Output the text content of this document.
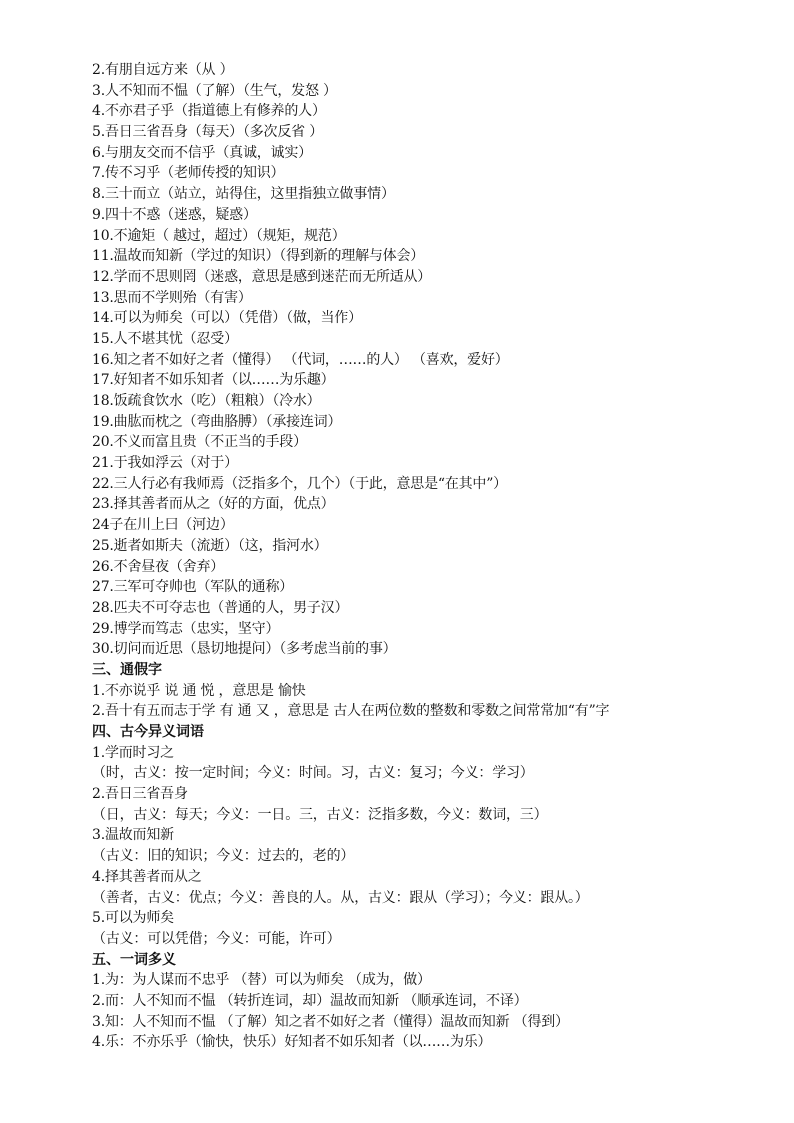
2.有朋自远方来（从 ）
3.人不知而不愠（了解）（生气，发怒 ）
4.不亦君子乎（指道德上有修养的人）
5.吾日三省吾身（每天）（多次反省 ）
6.与朋友交而不信乎（真诚，诚实）
7.传不习乎（老师传授的知识）
8.三十而立（站立，站得住，这里指独立做事情）
9.四十不惑（迷惑，疑惑）
10.不逾矩（ 越过，超过）（规矩，规范）
11.温故而知新（学过的知识）（得到新的理解与体会）
12.学而不思则罔（迷惑，意思是感到迷茫而无所适从）
13.思而不学则殆（有害）
14.可以为师矣（可以）（凭借）（做，当作）
15.人不堪其忧（忍受）
16.知之者不如好之者（懂得） （代词，……的人） （喜欢，爱好）
17.好知者不如乐知者（以……为乐趣）
18.饭疏食饮水（吃）（粗粮）（冷水）
19.曲肱而枕之（弯曲胳膊）（承接连词）
20.不义而富且贵（不正当的手段）
21.于我如浮云（对于）
22.三人行必有我师焉（泛指多个，几个）（于此，意思是“在其中”）
23.择其善者而从之（好的方面，优点）
24子在川上曰（河边）
25.逝者如斯夫（流逝）（这，指河水）
26.不舍昼夜（舍弃）
27.三军可夺帅也（军队的通称）
28.匹夫不可夺志也（普通的人，男子汉）
29.博学而笃志（忠实，坚守）
30.切问而近思（恳切地提问）（多考虑当前的事）
三、通假字
1.不亦说乎 说 通 悦 ，意思是 愉快
2.吾十有五而志于学 有 通 又 ，意思是 古人在两位数的整数和零数之间常常加“有”字
四、古今异义词语
1.学而时习之
（时，古义：按一定时间；今义：时间。习，古义：复习；今义：学习）
2.吾日三省吾身
（日，古义：每天；今义：一日。三，古义：泛指多数，今义：数词，三）
3.温故而知新
（古义：旧的知识；今义：过去的，老的）
4.择其善者而从之
（善者，古义：优点；今义：善良的人。从，古义：跟从（学习）；今义：跟从。）
5.可以为师矣
（古义：可以凭借；今义：可能，许可）
五、一词多义
1.为：为人谋而不忠乎 （替）可以为师矣 （成为，做）
2.而：人不知而不愠 （转折连词，却）温故而知新 （顺承连词，不译）
3.知：人不知而不愠 （了解）知之者不如好之者（懂得）温故而知新 （得到）
4.乐：不亦乐乎（愉快，快乐）好知者不如乐知者（以……为乐）
